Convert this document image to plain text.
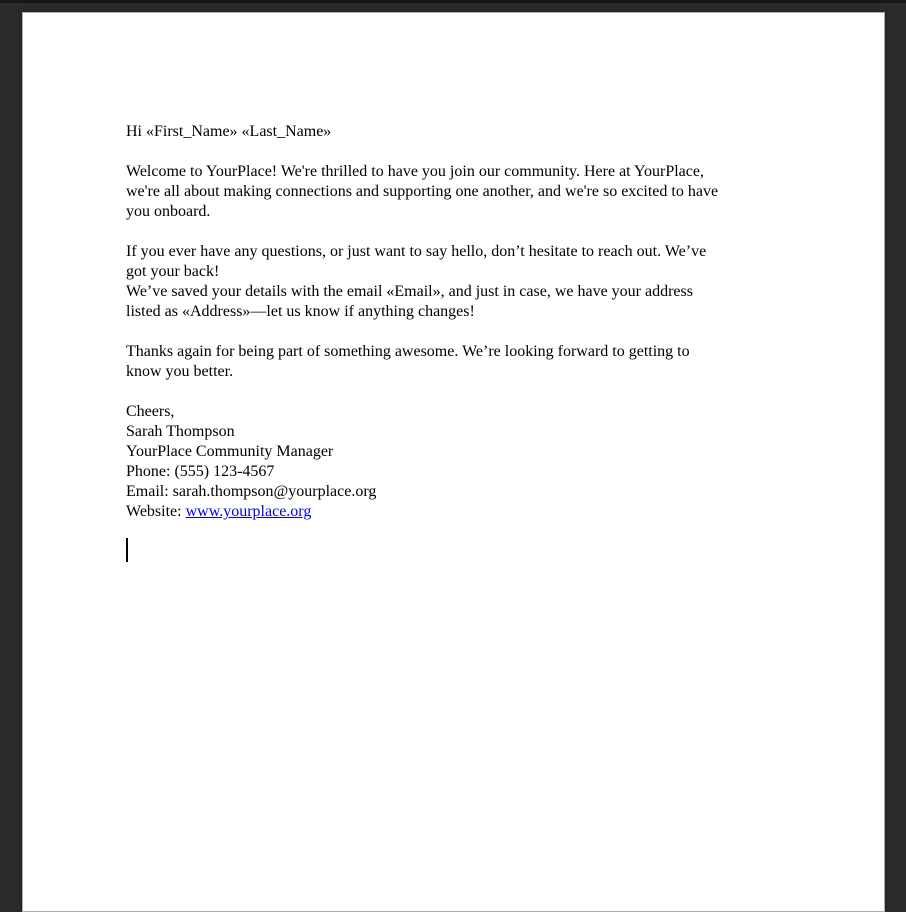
Hi «First_Name» «Last_Name»
Welcome to YourPlace! We're thrilled to have you join our community. Here at YourPlace,
we're all about making connections and supporting one another, and we're so excited to have
you onboard.
If you ever have any questions, or just want to say hello, don’t hesitate to reach out. We’ve
got your back!
We’ve saved your details with the email «Email», and just in case, we have your address
listed as «Address»—let us know if anything changes!
Thanks again for being part of something awesome. We’re looking forward to getting to
know you better.
Cheers,
Sarah Thompson
YourPlace Community Manager
Phone: (555) 123-4567
Email: sarah.thompson@yourplace.org
Website: www.yourplace.org
